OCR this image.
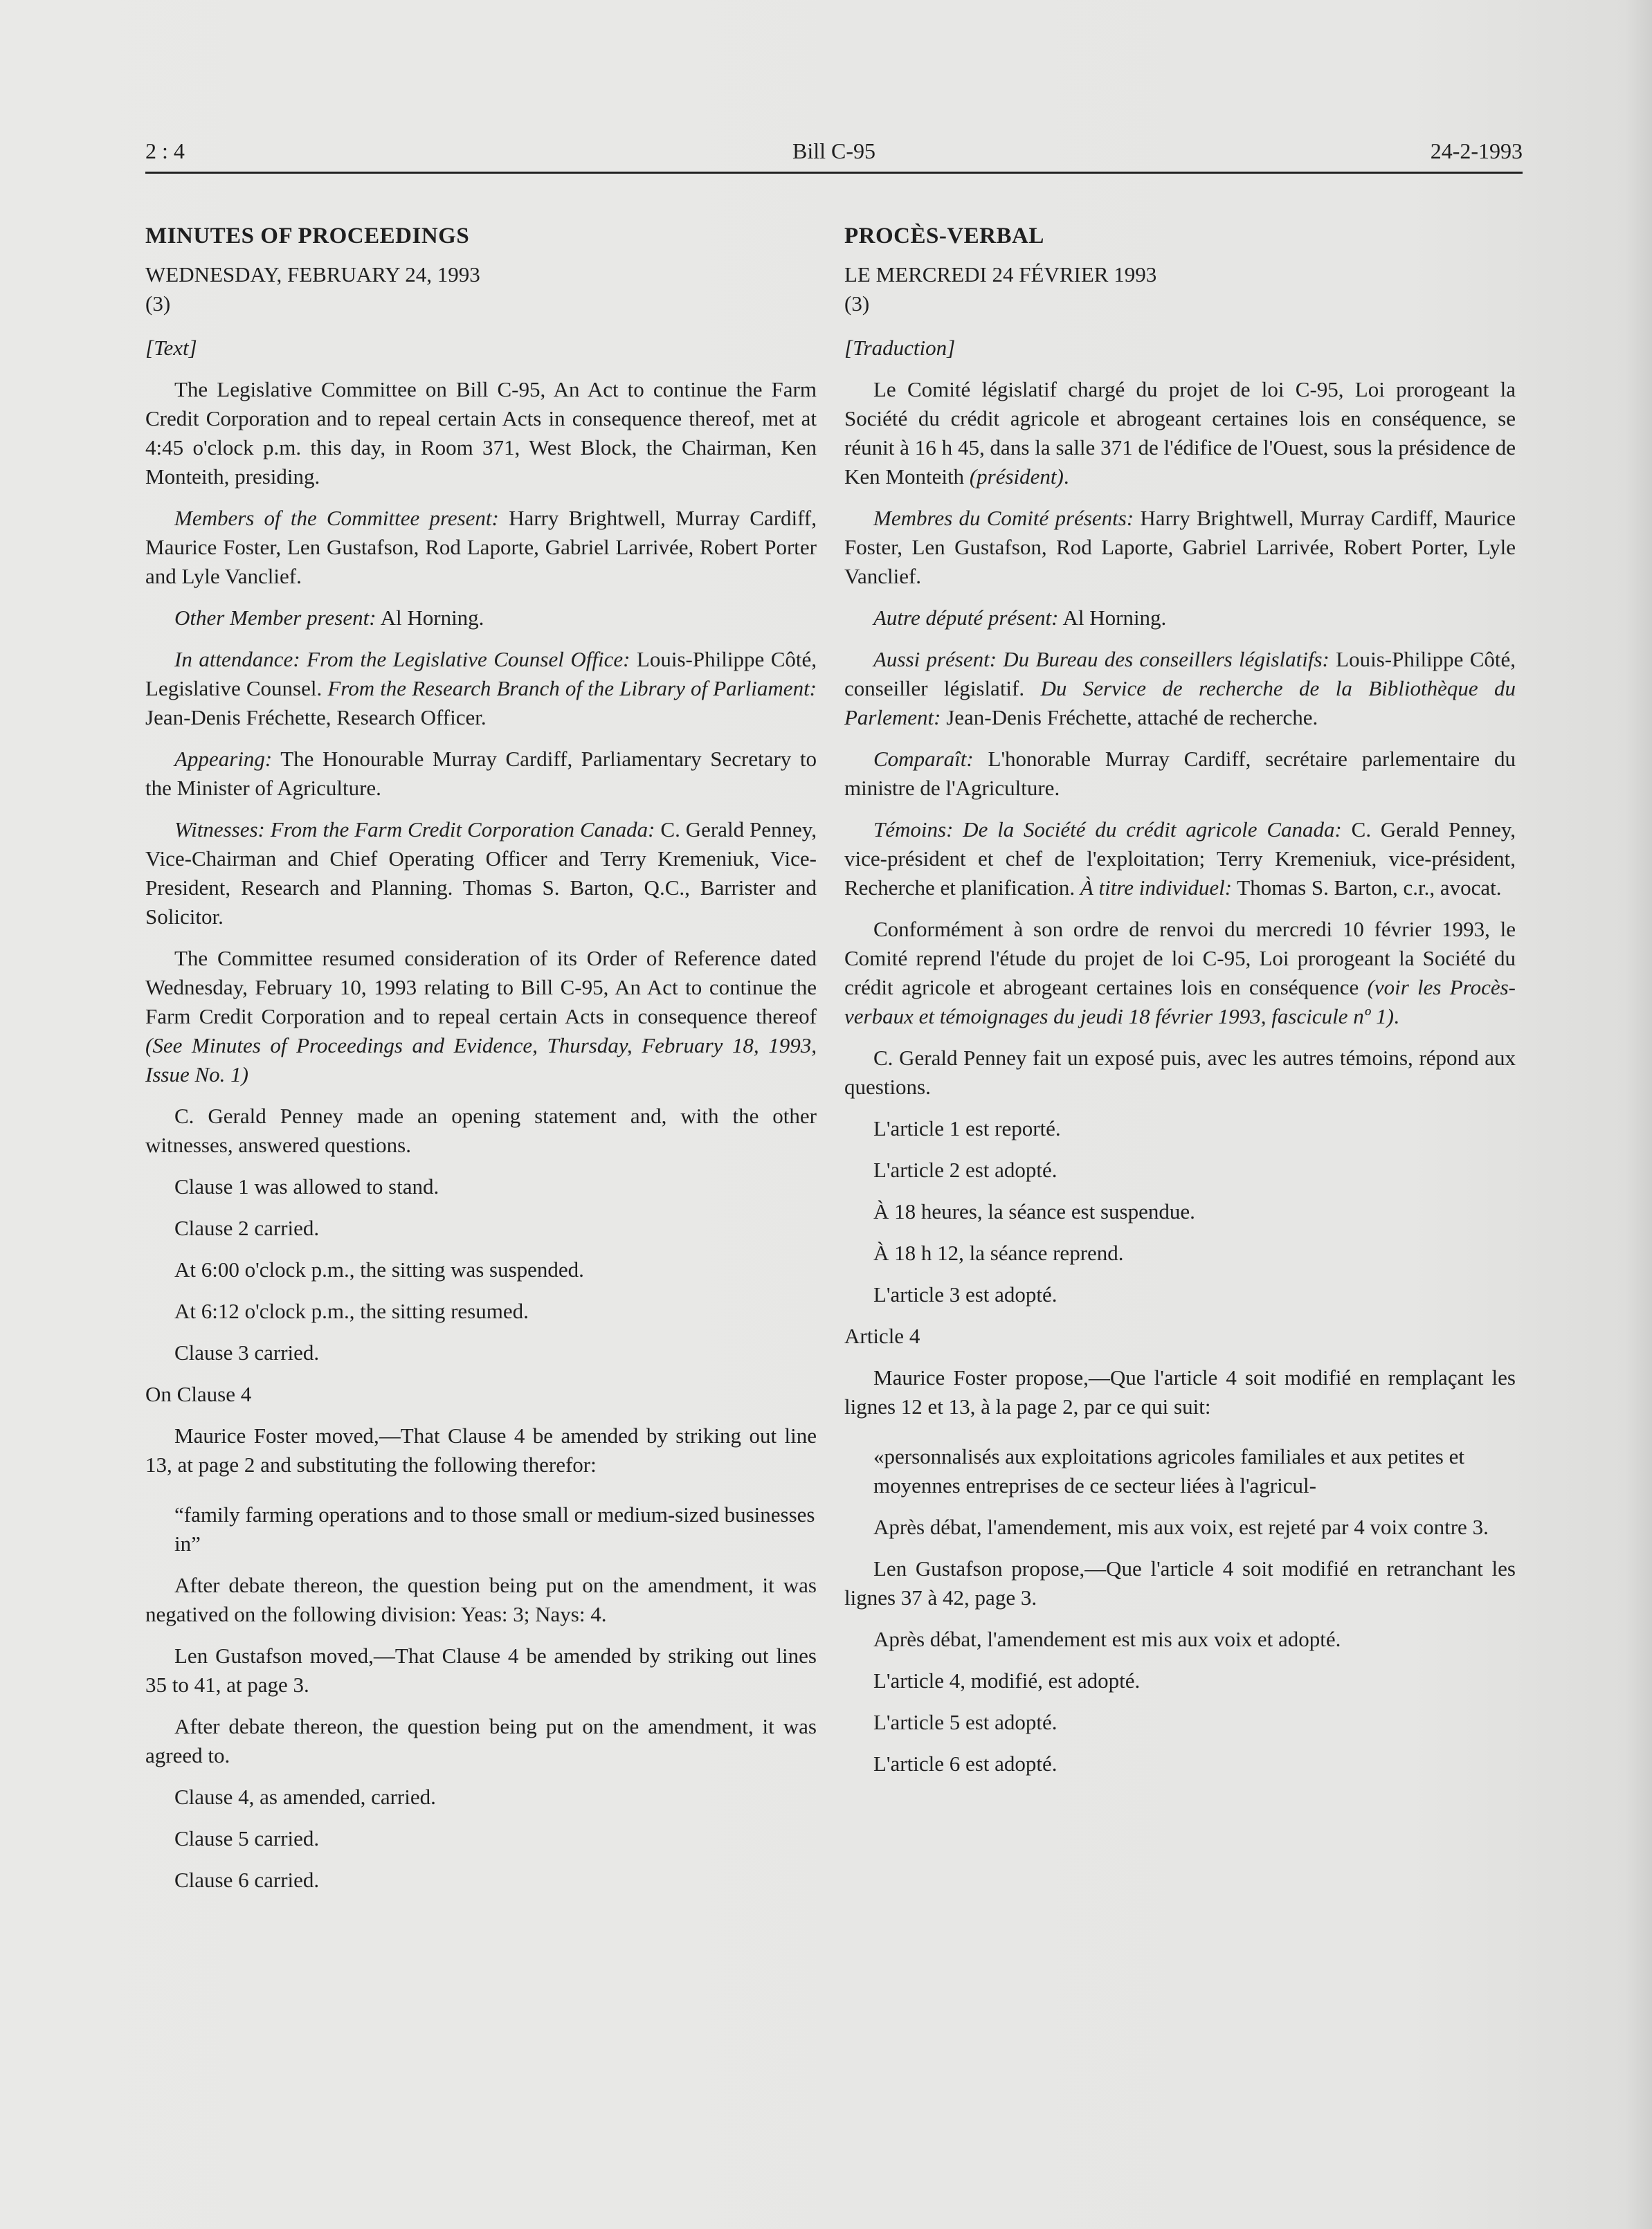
2 : 4	Bill C-95	24-2-1993
MINUTES OF PROCEEDINGS
WEDNESDAY, FEBRUARY 24, 1993
(3)
[Text]

The Legislative Committee on Bill C-95, An Act to continue the Farm Credit Corporation and to repeal certain Acts in consequence thereof, met at 4:45 o'clock p.m. this day, in Room 371, West Block, the Chairman, Ken Monteith, presiding.

Members of the Committee present: Harry Brightwell, Murray Cardiff, Maurice Foster, Len Gustafson, Rod Laporte, Gabriel Larrivée, Robert Porter and Lyle Vanclief.

Other Member present: Al Horning.

In attendance: From the Legislative Counsel Office: Louis-Philippe Côté, Legislative Counsel. From the Research Branch of the Library of Parliament: Jean-Denis Fréchette, Research Officer.

Appearing: The Honourable Murray Cardiff, Parliamentary Secretary to the Minister of Agriculture.

Witnesses: From the Farm Credit Corporation Canada: C. Gerald Penney, Vice-Chairman and Chief Operating Officer and Terry Kremeniuk, Vice-President, Research and Planning. Thomas S. Barton, Q.C., Barrister and Solicitor.

The Committee resumed consideration of its Order of Reference dated Wednesday, February 10, 1993 relating to Bill C-95, An Act to continue the Farm Credit Corporation and to repeal certain Acts in consequence thereof (See Minutes of Proceedings and Evidence, Thursday, February 18, 1993, Issue No. 1)

C. Gerald Penney made an opening statement and, with the other witnesses, answered questions.

Clause 1 was allowed to stand.
Clause 2 carried.
At 6:00 o'clock p.m., the sitting was suspended.
At 6:12 o'clock p.m., the sitting resumed.
Clause 3 carried.
On Clause 4

Maurice Foster moved,—That Clause 4 be amended by striking out line 13, at page 2 and substituting the following therefor:

“family farming operations and to those small or medium-sized businesses in”

After debate thereon, the question being put on the amendment, it was negatived on the following division: Yeas: 3; Nays: 4.

Len Gustafson moved,—That Clause 4 be amended by striking out lines 35 to 41, at page 3.

After debate thereon, the question being put on the amendment, it was agreed to.

Clause 4, as amended, carried.
Clause 5 carried.
Clause 6 carried.
PROCÈS-VERBAL
LE MERCREDI 24 FÉVRIER 1993
(3)
[Traduction]

Le Comité législatif chargé du projet de loi C-95, Loi prorogeant la Société du crédit agricole et abrogeant certaines lois en conséquence, se réunit à 16 h 45, dans la salle 371 de l'édifice de l'Ouest, sous la présidence de Ken Monteith (président).

Membres du Comité présents: Harry Brightwell, Murray Cardiff, Maurice Foster, Len Gustafson, Rod Laporte, Gabriel Larrivée, Robert Porter, Lyle Vanclief.

Autre député présent: Al Horning.

Aussi présent: Du Bureau des conseillers législatifs: Louis-Philippe Côté, conseiller législatif. Du Service de recherche de la Bibliothèque du Parlement: Jean-Denis Fréchette, attaché de recherche.

Comparaît: L'honorable Murray Cardiff, secrétaire parlementaire du ministre de l'Agriculture.

Témoins: De la Société du crédit agricole Canada: C. Gerald Penney, vice-président et chef de l'exploitation; Terry Kremeniuk, vice-président, Recherche et planification. À titre individuel: Thomas S. Barton, c.r., avocat.

Conformément à son ordre de renvoi du mercredi 10 février 1993, le Comité reprend l'étude du projet de loi C-95, Loi prorogeant la Société du crédit agricole et abrogeant certaines lois en conséquence (voir les Procès-verbaux et témoignages du jeudi 18 février 1993, fascicule nº 1).

C. Gerald Penney fait un exposé puis, avec les autres témoins, répond aux questions.

L'article 1 est reporté.
L'article 2 est adopté.
À 18 heures, la séance est suspendue.
À 18 h 12, la séance reprend.
L'article 3 est adopté.
Article 4

Maurice Foster propose,—Que l'article 4 soit modifié en remplaçant les lignes 12 et 13, à la page 2, par ce qui suit:

«personnalisés aux exploitations agricoles familiales et aux petites et moyennes entreprises de ce secteur liées à l'agricul-

Après débat, l'amendement, mis aux voix, est rejeté par 4 voix contre 3.

Len Gustafson propose,—Que l'article 4 soit modifié en retranchant les lignes 37 à 42, page 3.

Après débat, l'amendement est mis aux voix et adopté.

L'article 4, modifié, est adopté.
L'article 5 est adopté.
L'article 6 est adopté.
